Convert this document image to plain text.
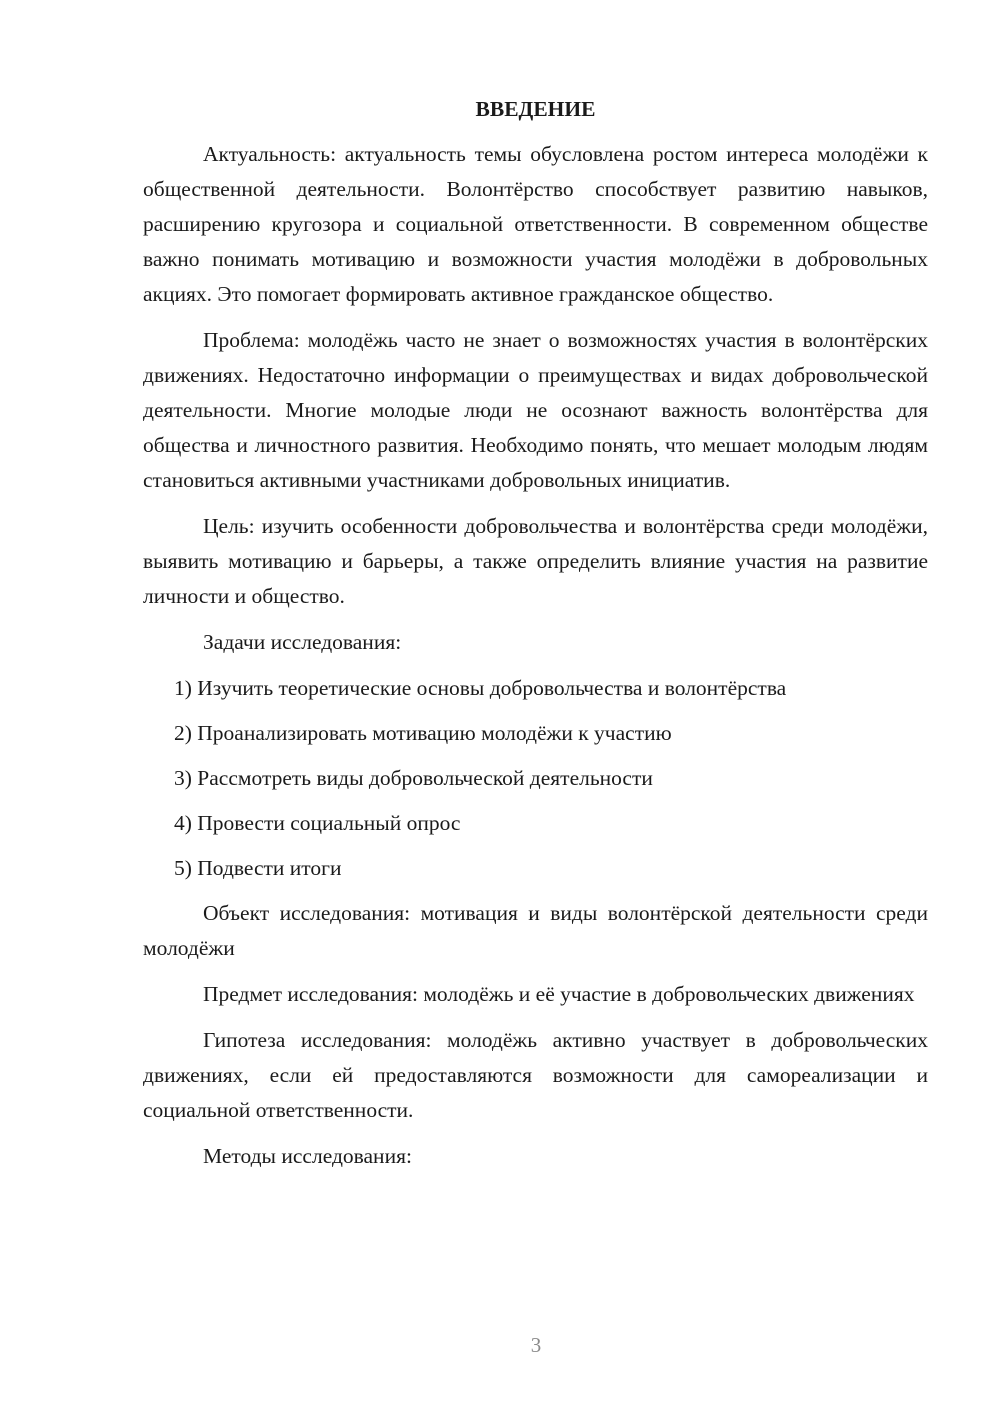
ВВЕДЕНИЕ

Актуальность: актуальность темы обусловлена ростом интереса молодёжи к общественной деятельности. Волонтёрство способствует развитию навыков, расширению кругозора и социальной ответственности. В современном обществе важно понимать мотивацию и возможности участия молодёжи в добровольных акциях. Это помогает формировать активное гражданское общество.

Проблема: молодёжь часто не знает о возможностях участия в волонтёрских движениях. Недостаточно информации о преимуществах и видах добровольческой деятельности. Многие молодые люди не осознают важность волонтёрства для общества и личностного развития. Необходимо понять, что мешает молодым людям становиться активными участниками добровольных инициатив.

Цель: изучить особенности добровольчества и волонтёрства среди молодёжи, выявить мотивацию и барьеры, а также определить влияние участия на развитие личности и общество.

Задачи исследования:

1) Изучить теоретические основы добровольчества и волонтёрства
2) Проанализировать мотивацию молодёжи к участию
3) Рассмотреть виды добровольческой деятельности
4) Провести социальный опрос
5) Подвести итоги

Объект исследования: мотивация и виды волонтёрской деятельности среди молодёжи

Предмет исследования: молодёжь и её участие в добровольческих движениях

Гипотеза исследования: молодёжь активно участвует в добровольческих движениях, если ей предоставляются возможности для самореализации и социальной ответственности.

Методы исследования:

3
